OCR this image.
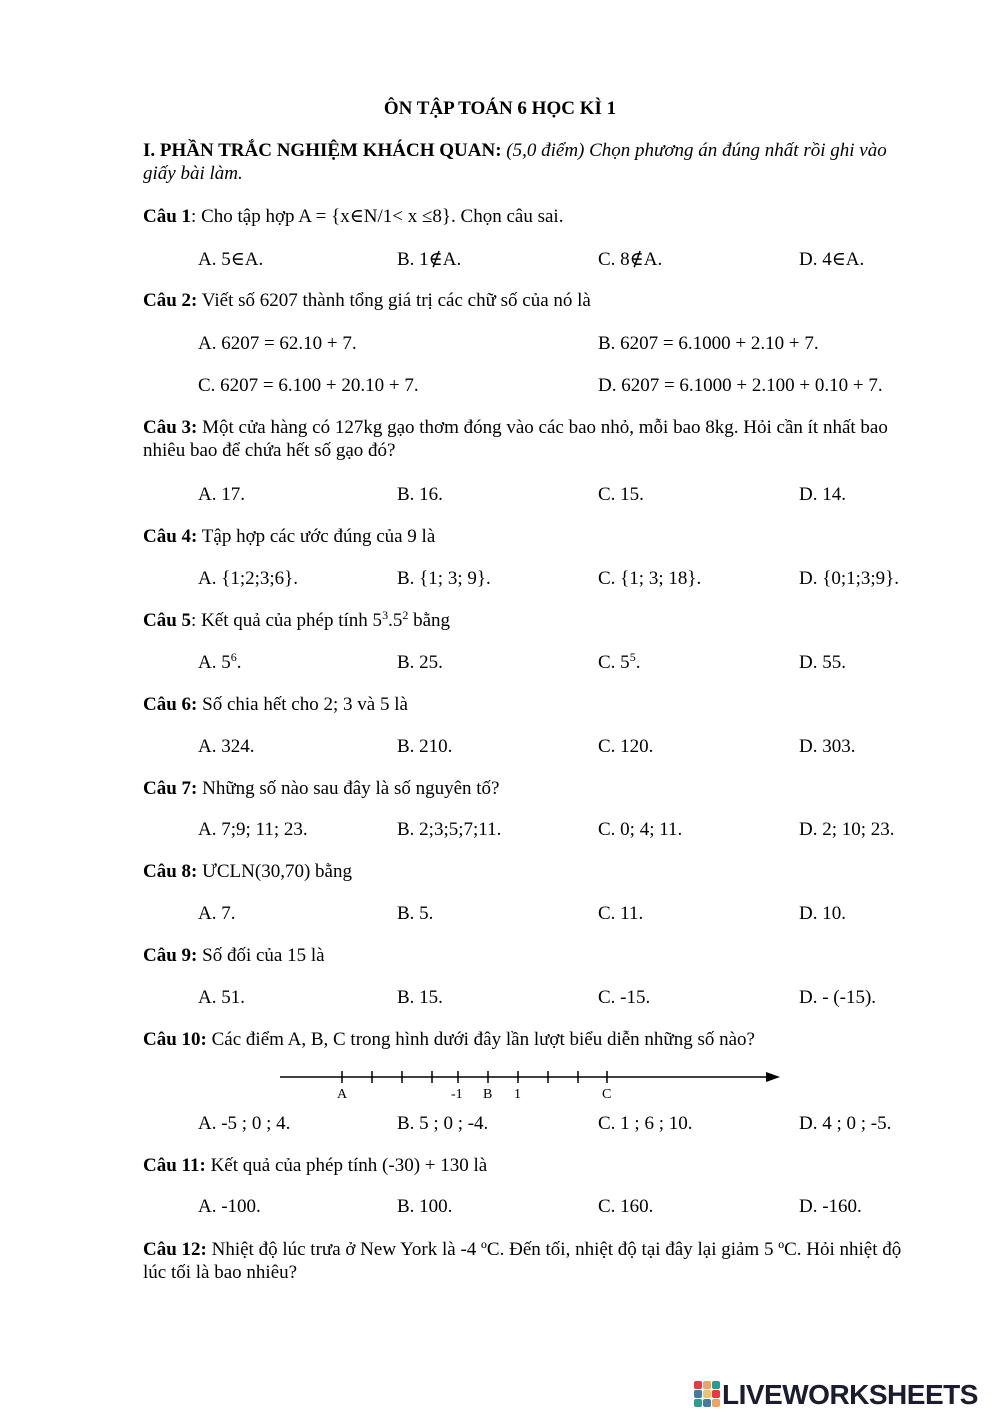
ÔN TẬP TOÁN 6 HỌC KÌ 1
I. PHẦN TRẮC NGHIỆM KHÁCH QUAN: (5,0 điểm) Chọn phương án đúng nhất rồi ghi vào giấy bài làm.
Câu 1: Cho tập hợp A = {x∈N/1< x ≤8}. Chọn câu sai.
A. 5∈A.	B. 1∉A.	C. 8∉A.	D. 4∈A.
Câu 2: Viết số 6207 thành tổng giá trị các chữ số của nó là
A. 6207 = 62.10 + 7.	B. 6207 = 6.1000 + 2.10 + 7.
C. 6207 = 6.100 + 20.10 + 7.	D. 6207 = 6.1000 + 2.100 + 0.10 + 7.
Câu 3: Một cửa hàng có 127kg gạo thơm đóng vào các bao nhỏ, mỗi bao 8kg. Hỏi cần ít nhất bao nhiêu bao để chứa hết số gạo đó?
A. 17.	B. 16.	C. 15.	D. 14.
Câu 4: Tập hợp các ước đúng của 9 là
A. {1;2;3;6}.	B. {1; 3; 9}.	C. {1; 3; 18}.	D. {0;1;3;9}.
Câu 5: Kết quả của phép tính $5^3.5^2$ bằng
A. $5^6$.	B. 25.	C. $5^5$.	D. 55.
Câu 6: Số chia hết cho 2; 3 và 5 là
A. 324.	B. 210.	C. 120.	D. 303.
Câu 7: Những số nào sau đây là số nguyên tố?
A. 7;9; 11; 23.	B. 2;3;5;7;11.	C. 0; 4; 11.	D. 2; 10; 23.
Câu 8: ƯCLN(30,70) bằng
A. 7.	B. 5.	C. 11.	D. 10.
Câu 9: Số đối của 15 là
A. 51.	B. 15.	C. -15.	D. - (-15).
Câu 10: Các điểm A, B, C trong hình dưới đây lần lượt biểu diễn những số nào?
A	-1 B 1	C
A. -5 ; 0 ; 4.	B. 5 ; 0 ; -4.	C. 1 ; 6 ; 10.	D. 4 ; 0 ; -5.
Câu 11: Kết quả của phép tính (-30) + 130 là
A. -100.	B. 100.	C. 160.	D. -160.
Câu 12: Nhiệt độ lúc trưa ở New York là -4 ºC. Đến tối, nhiệt độ tại đây lại giảm 5 ºC. Hỏi nhiệt độ lúc tối là bao nhiêu?
LIVEWORKSHEETS
